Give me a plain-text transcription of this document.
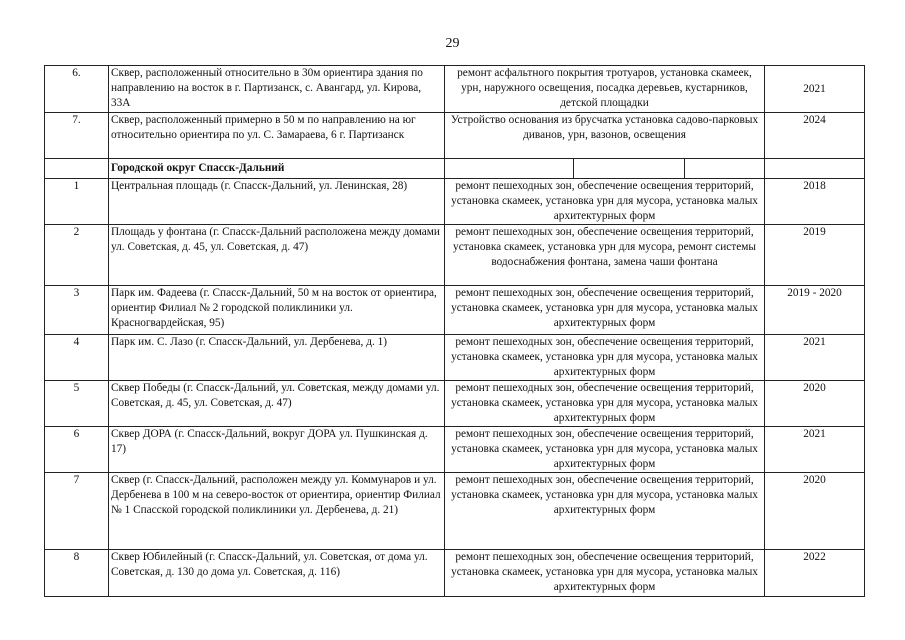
29
6.	Сквер, расположенный относительно в 30м ориентира здания по направлению на восток в г. Партизанск, с. Авангард, ул. Кирова, 33А	ремонт асфальтного покрытия тротуаров, установка скамеек, урн, наружного освещения, посадка деревьев, кустарников, детской площадки	2021
7.	Сквер, расположенный примерно в 50 м по направлению на юг относительно ориентира по ул. С. Замараева, 6 г. Партизанск	Устройство основания из брусчатка установка садово-парковых диванов, урн, вазонов, освещения	2024
	Городской округ Спасск-Дальний	

1	Центральная площадь (г. Спасск-Дальний, ул. Ленинская, 28)	ремонт пешеходных зон, обеспечение освещения территорий, установка скамеек, установка урн для мусора, установка малых архитектурных форм	2018
2	Площадь у фонтана (г. Спасск-Дальний расположена между домами ул. Советская, д. 45, ул. Советская, д. 47)	ремонт пешеходных зон, обеспечение освещения территорий, установка скамеек, установка урн для мусора, ремонт системы водоснабжения фонтана, замена чаши фонтана	2019
3	Парк им. Фадеева (г. Спасск-Дальний, 50 м на восток от ориентира, ориентир Филиал № 2 городской поликлиники ул. Красногвардейская, 95)	ремонт пешеходных зон, обеспечение освещения территорий, установка скамеек, установка урн для мусора, установка малых архитектурных форм	2019 - 2020
4	Парк им. С. Лазо (г. Спасск-Дальний, ул. Дербенева, д. 1)	ремонт пешеходных зон, обеспечение освещения территорий, установка скамеек, установка урн для мусора, установка малых архитектурных форм	2021
5	Сквер Победы (г. Спасск-Дальний, ул. Советская, между домами ул. Советская, д. 45, ул. Советская, д. 47)	ремонт пешеходных зон, обеспечение освещения территорий, установка скамеек, установка урн для мусора, установка малых архитектурных форм	2020
6	Сквер ДОРА (г. Спасск-Дальний, вокруг ДОРА ул. Пушкинская д. 17)	ремонт пешеходных зон, обеспечение освещения территорий, установка скамеек, установка урн для мусора, установка малых архитектурных форм	2021
7	Сквер (г. Спасск-Дальний, расположен между ул. Коммунаров и ул. Дербенева в 100 м на северо-восток от ориентира, ориентир Филиал № 1 Спасской городской поликлиники ул. Дербенева, д. 21)	ремонт пешеходных зон, обеспечение освещения территорий, установка скамеек, установка урн для мусора, установка малых архитектурных форм	2020
8	Сквер Юбилейный (г. Спасск-Дальний, ул. Советская, от дома ул. Советская, д. 130 до дома ул. Советская, д. 116)	ремонт пешеходных зон, обеспечение освещения территорий, установка скамеек, установка урн для мусора, установка малых архитектурных форм	2022
